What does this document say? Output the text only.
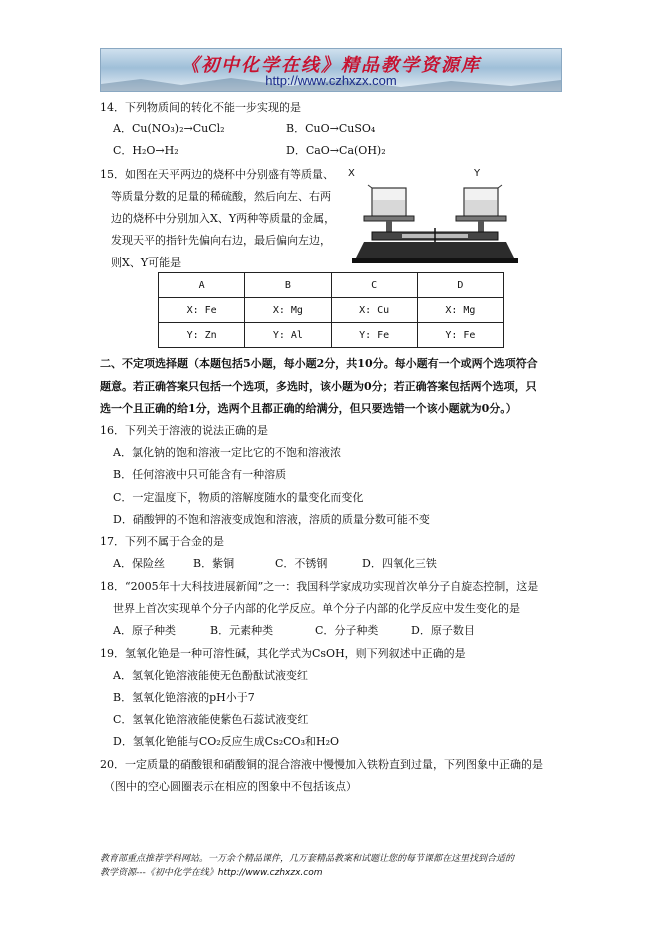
《初中化学在线》精品教学资源库
http://www.czhxzx.com
14．下列物质间的转化不能一步实现的是
A．Cu(NO₃)₂→CuCl₂	B．CuO→CuSO₄
C．H₂O→H₂	D．CaO→Ca(OH)₂
15．如图在天平两边的烧杯中分别盛有等质量、
等质量分数的足量的稀硫酸，然后向左、右两
边的烧杯中分别加入X、Y两种等质量的金属，
发现天平的指针先偏向右边，最后偏向左边，
则X、Y可能是
X	Y
A	B	C	D
X: Fe	X: Mg	X: Cu	X: Mg
Y: Zn	Y: Al	Y: Fe	Y: Fe
二、不定项选择题（本题包括5小题，每小题2分，共10分。每小题有一个或两个选项符合
题意。若正确答案只包括一个选项，多选时，该小题为0分；若正确答案包括两个选项，只
选一个且正确的给1分，选两个且都正确的给满分，但只要选错一个该小题就为0分。）
16．下列关于溶液的说法正确的是
A．氯化钠的饱和溶液一定比它的不饱和溶液浓
B．任何溶液中只可能含有一种溶质
C．一定温度下，物质的溶解度随水的量变化而变化
D．硝酸钾的不饱和溶液变成饱和溶液，溶质的质量分数可能不变
17．下列不属于合金的是
A．保险丝	B．紫铜	C．不锈钢	D．四氧化三铁
18．“2005年十大科技进展新闻”之一：我国科学家成功实现首次单分子自旋态控制，这是
世界上首次实现单个分子内部的化学反应。单个分子内部的化学反应中发生变化的是
A．原子种类	B．元素种类	C．分子种类	D．原子数目
19．氢氧化铯是一种可溶性碱，其化学式为CsOH，则下列叙述中正确的是
A．氢氧化铯溶液能使无色酚酞试液变红
B．氢氧化铯溶液的pH小于7
C．氢氧化铯溶液能使紫色石蕊试液变红
D．氢氧化铯能与CO₂反应生成Cs₂CO₃和H₂O
20．一定质量的硝酸银和硝酸铜的混合溶液中慢慢加入铁粉直到过量，下列图象中正确的是
（图中的空心圆圈表示在相应的图象中不包括该点）
教育部重点推荐学科网站。一万余个精品课件，几万套精品教案和试题让您的每节课都在这里找到合适的
教学资源---《初中化学在线》http://www.czhxzx.com
